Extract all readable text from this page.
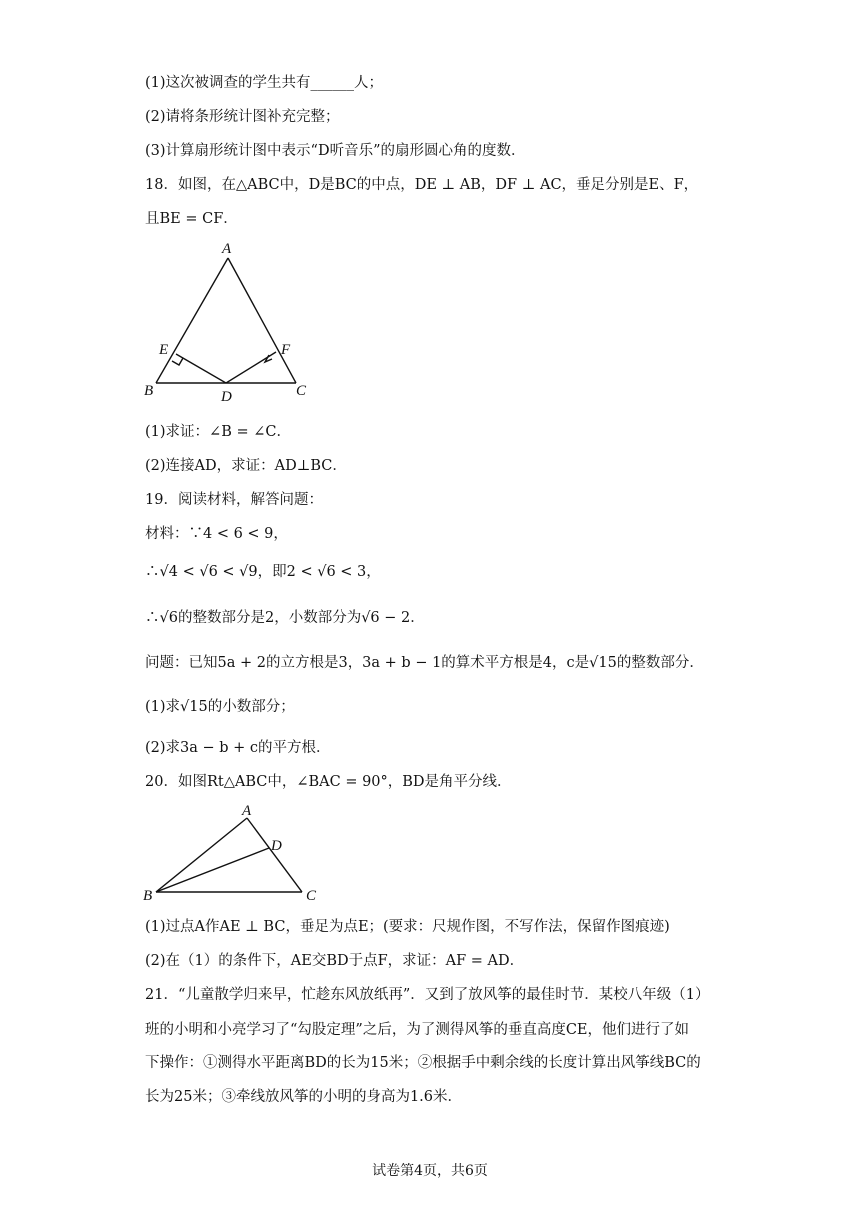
(1)这次被调查的学生共有______人；
(2)请将条形统计图补充完整；
(3)计算扇形统计图中表示“D听音乐”的扇形圆心角的度数．
18．如图，在△ABC中，D是BC的中点，DE ⊥ AB，DF ⊥ AC，垂足分别是E、F，
且BE = CF．
A
B	C
D
E	F
(1)求证：∠B = ∠C．
(2)连接AD，求证：AD⊥BC．
19．阅读材料，解答问题：
材料：∵4 < 6 < 9，
∴√4 < √6 < √9，即2 < √6 < 3，
∴√6的整数部分是2，小数部分为√6 − 2．
问题：已知5a + 2的立方根是3，3a + b − 1的算术平方根是4，c是√15的整数部分．
(1)求√15的小数部分；
(2)求3a − b + c的平方根．
20．如图Rt△ABC中，∠BAC = 90°，BD是角平分线．
A
B	C
D
(1)过点A作AE ⊥ BC，垂足为点E；(要求：尺规作图，不写作法，保留作图痕迹)
(2)在（1）的条件下，AE交BD于点F，求证：AF = AD．
21．“儿童散学归来早，忙趁东风放纸再”．又到了放风筝的最佳时节．某校八年级（1）
班的小明和小亮学习了“勾股定理”之后，为了测得风筝的垂直高度CE，他们进行了如
下操作：①测得水平距离BD的长为15米；②根据手中剩余线的长度计算出风筝线BC的
长为25米；③牵线放风筝的小明的身高为1.6米．
试卷第4页，共6页
